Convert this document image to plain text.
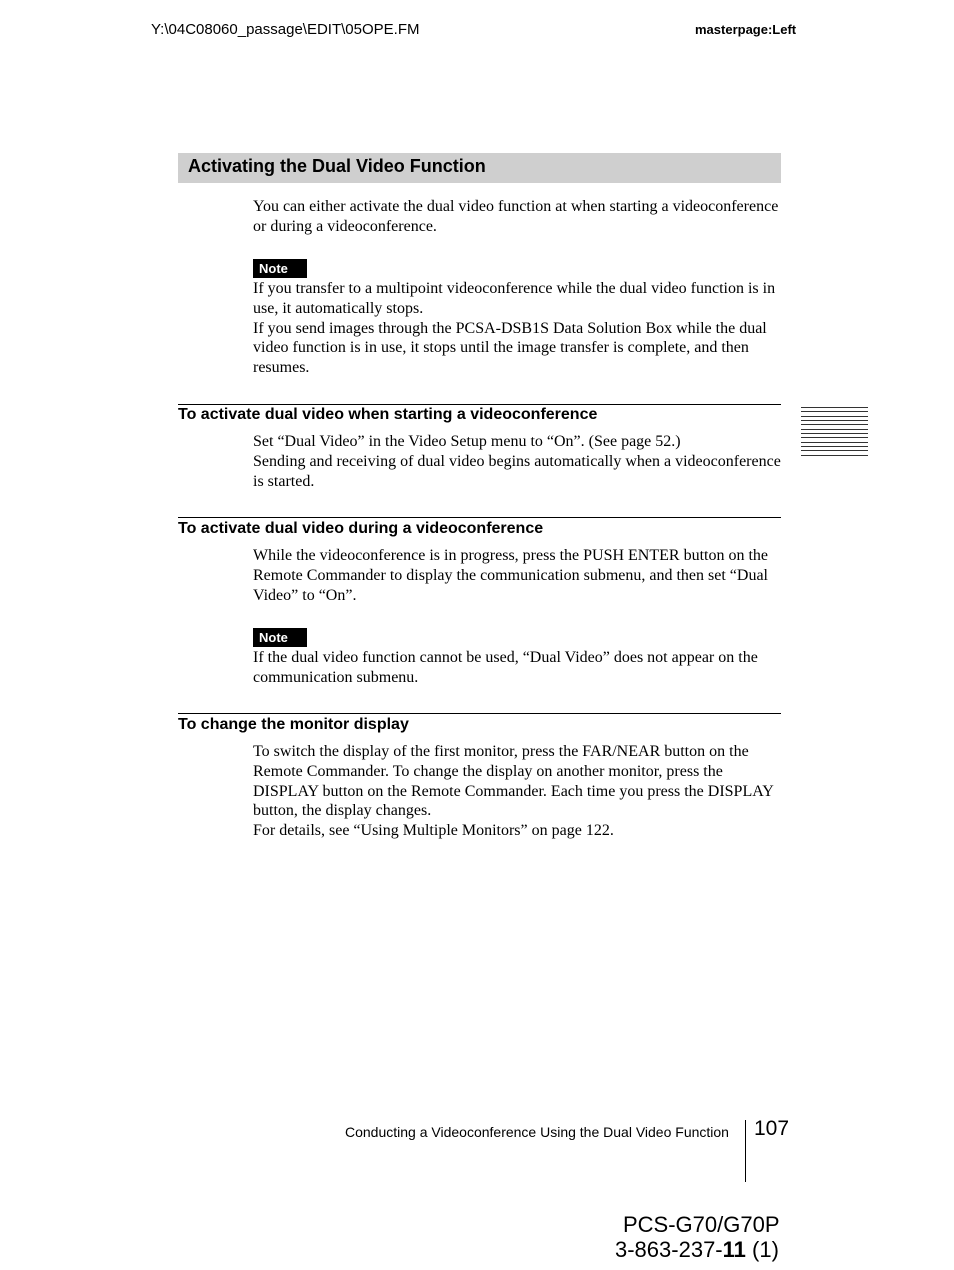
Y:\04C08060_passage\EDIT\05OPE.FM	masterpage:Left
Activating the Dual Video Function

You can either activate the dual video function at when starting a videoconference or during a videoconference.

Note

If you transfer to a multipoint videoconference while the dual video function is in use, it automatically stops.

If you send images through the PCSA-DSB1S Data Solution Box while the dual video function is in use, it stops until the image transfer is complete, and then resumes.

To activate dual video when starting a videoconference

Set “Dual Video” in the Video Setup menu to “On”. (See page 52.)

Sending and receiving of dual video begins automatically when a videoconference is started.

To activate dual video during a videoconference

While the videoconference is in progress, press the PUSH ENTER button on the Remote Commander to display the communication submenu, and then set “Dual Video” to “On”.

Note

If the dual video function cannot be used, “Dual Video” does not appear on the communication submenu.

To change the monitor display

To switch the display of the first monitor, press the FAR/NEAR button on the Remote Commander. To change the display on another monitor, press the DISPLAY button on the Remote Commander. Each time you press the DISPLAY button, the display changes.

For details, see “Using Multiple Monitors” on page 122.

Conducting a Videoconference Using the Dual Video Function 107
PCS-G70/G70P
3-863-237-11 (1)
